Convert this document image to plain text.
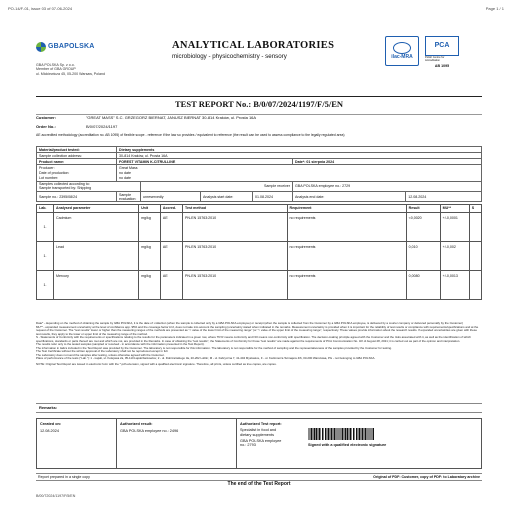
PO-14/F-01, issue 03 of 07-06-2024	Page 1 / 1
GBAPOLSKA
GBA POLSKA Sp. z o.o.
Member of GBA GROUP
ul. Mickiewicza 45, 05-200 Warsaw, Poland
ANALYTICAL LABORATORIES
microbiology - physicochemistry - sensory	ilac-MRA
PCA
Polish Centre for Accreditation
AB 1095
TEST REPORT No.: B/0/07/2024/1197/F/5/EN
Customer:	"GREAT MASS" S.C. GRZEGORZ BIERNAT, JANUSZ BIERNAT 30-814 Kraków, ul. Prosta 16A
Order No.:	B/0/07/2024/1197
AE accredited methodology (accreditation no. AB 1095) of flexible scope - reference if the law so provides / equivalent to reference (the result can be used to assess compliance to the legally regulated area)
Material/product tested:	Dietary supplements					
Sample collection address:	30-814 Kraków, ul. Prosta 16A					
Product name:	FOREST VITAMIN K-CITRULLINE				Date*: 01 sierpnia 2024	
Producer:	Great Mass					
Date of production:	no date					
Lot number:	no date					

Samples collected according to:
Sample transported by: Shipping		Sample receiver			GBA POLSKA employee no.: 2729	
Sample no.: 2395/08/24	Sample evaluation:	unreservedly	Analysis start date:	01.08.2024	Analysis end date:	12.08.2024
Lab.	Analysed parameter	Unit	Accred.	Test method	Requirement	Result	MU**	S
1.	Cadmium	mg/kg	AE	PN-EN 15763:2010	no requirements	<0,0020	+/-0,0001	
1.	Lead	mg/kg	AE	PN-EN 15763:2010	no requirements	0,010	+/-0,002	
1.	Mercury	mg/kg	AE	PN-EN 15763:2010	no requirements	0,0080	+/-0,0013	
Date* - depending on the method of obtaining the sample by GBA POLSKA, it is the date of: collection (when the sample is collected only by a GBA POLSKA employee) or receipt (when the sample is collected from the Customer by a GBA POLSKA employee, is delivered by a courier company or delivered personally by the Customer)
MU** - expanded measurement uncertainty at the level of confidence app. 95% and the coverage factor k=2, does not take into account the sampling (uncertainty stated when indicated in the remarks. Measurement uncertainty is provided when it is important for the reliability of test results or compliance with requirements/specifications and at the request of the Customer. The "test results" lower or higher than the measuring ranges of the methods are presented as "< value of the lower limit of the measuring range" (or "> value of the upper limit of the measuring range", respectively. These values provide information about the research results. If expanded uncertainties are given with these test results, they apply to the lower or upper limit of the measuring range of the method.
S - Statements of Conformity with the requirements or specifications relating to the results for the parameters indicated in a green row, where TR R means conformity and NO means non-conformity with specification. The decision-making principle agreed with the Customer and the risks associated with it, as well as the identification of which specifications, standards or parts thereof are met and which are not, are provided in the Remarks. In case of obtaining the "test results", the Statements of Conformity for those "test results" are made against the requirements of PCA Communication No. 3/2 of August 28, 2021; it is carried out as part of the opinion and interpretation.
The results refer only to the tested samples (sampled or received - in accordance with the information presented in the Test Report).
The information in italics included in the Test Report was provided by the Customer. The laboratory is not responsible for this information. The laboratory is not responsible for the method of sampling and the representativeness of the samples provided by the Customer for testing.
The Test Certificate without the written approval of the Laboratory shall not be reproduced except in full.
The Laboratory does not send the samples after testing, unless otherwise agreed with the Customer.
Place of performance of the tests ("Lab."): 1 - Łajski, ul. Kolejowa 2a, 05-110 Łajski/Jankowice; 2 - ul. Dobrzańskiego 3a, 20-262 Lublin; M - ul. Fabryczna 7, 41-404 Mysłowice, F - ul. Kazimierza Tetmajera 4/6, 03-200 Warszawa, PG - not belonging to GBA POLSKA.
NOTE: Original Test Report are issued in electronic form with the *.pdf extension, signed with a qualified electronic signature. Therefore, all prints, unless certified as true copies, are copies.
Remarks:
Created on:
12.08.2024

Authorized result:
GBA POLSKA employee no.: 2496

Authorized Test report:
Specialist in food and
dietary supplements
GBA POLSKA employee
no.: 2793	Signed with a qualified electronic signature
Report prepared in a single copy	Original of PDF: Customer, copy of PDF: to Laboratory archive
The end of the Test Report
B/00/72024/1197/F/5/EN
